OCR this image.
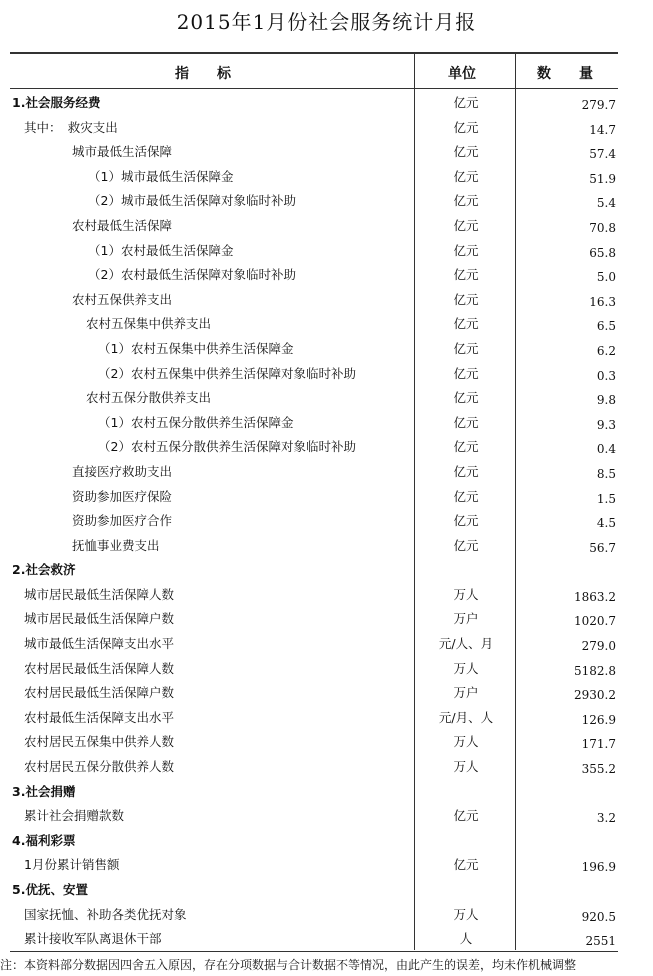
2015年1月份社会服务统计月报
指　　标	单位	数　　量
1.社会服务经费	亿元	279.7
其中：　救灾支出	亿元	14.7
城市最低生活保障	亿元	57.4
（1）城市最低生活保障金	亿元	51.9
（2）城市最低生活保障对象临时补助	亿元	5.4
农村最低生活保障	亿元	70.8
（1）农村最低生活保障金	亿元	65.8
（2）农村最低生活保障对象临时补助	亿元	5.0
农村五保供养支出	亿元	16.3
农村五保集中供养支出	亿元	6.5
（1）农村五保集中供养生活保障金	亿元	6.2
（2）农村五保集中供养生活保障对象临时补助	亿元	0.3
农村五保分散供养支出	亿元	9.8
（1）农村五保分散供养生活保障金	亿元	9.3
（2）农村五保分散供养生活保障对象临时补助	亿元	0.4
直接医疗救助支出	亿元	8.5
资助参加医疗保险	亿元	1.5
资助参加医疗合作	亿元	4.5
抚恤事业费支出	亿元	56.7
2.社会救济
城市居民最低生活保障人数	万人	1863.2
城市居民最低生活保障户数	万户	1020.7
城市最低生活保障支出水平	元/人、月	279.0
农村居民最低生活保障人数	万人	5182.8
农村居民最低生活保障户数	万户	2930.2
农村最低生活保障支出水平	元/月、人	126.9
农村居民五保集中供养人数	万人	171.7
农村居民五保分散供养人数	万人	355.2
3.社会捐赠
累计社会捐赠款数	亿元	3.2
4.福利彩票
1月份累计销售额	亿元	196.9
5.优抚、安置
国家抚恤、补助各类优抚对象	万人	920.5
累计接收军队离退休干部	人	2551
注：本资料部分数据因四舍五入原因，存在分项数据与合计数据不等情况，由此产生的误差，均未作机械调整
